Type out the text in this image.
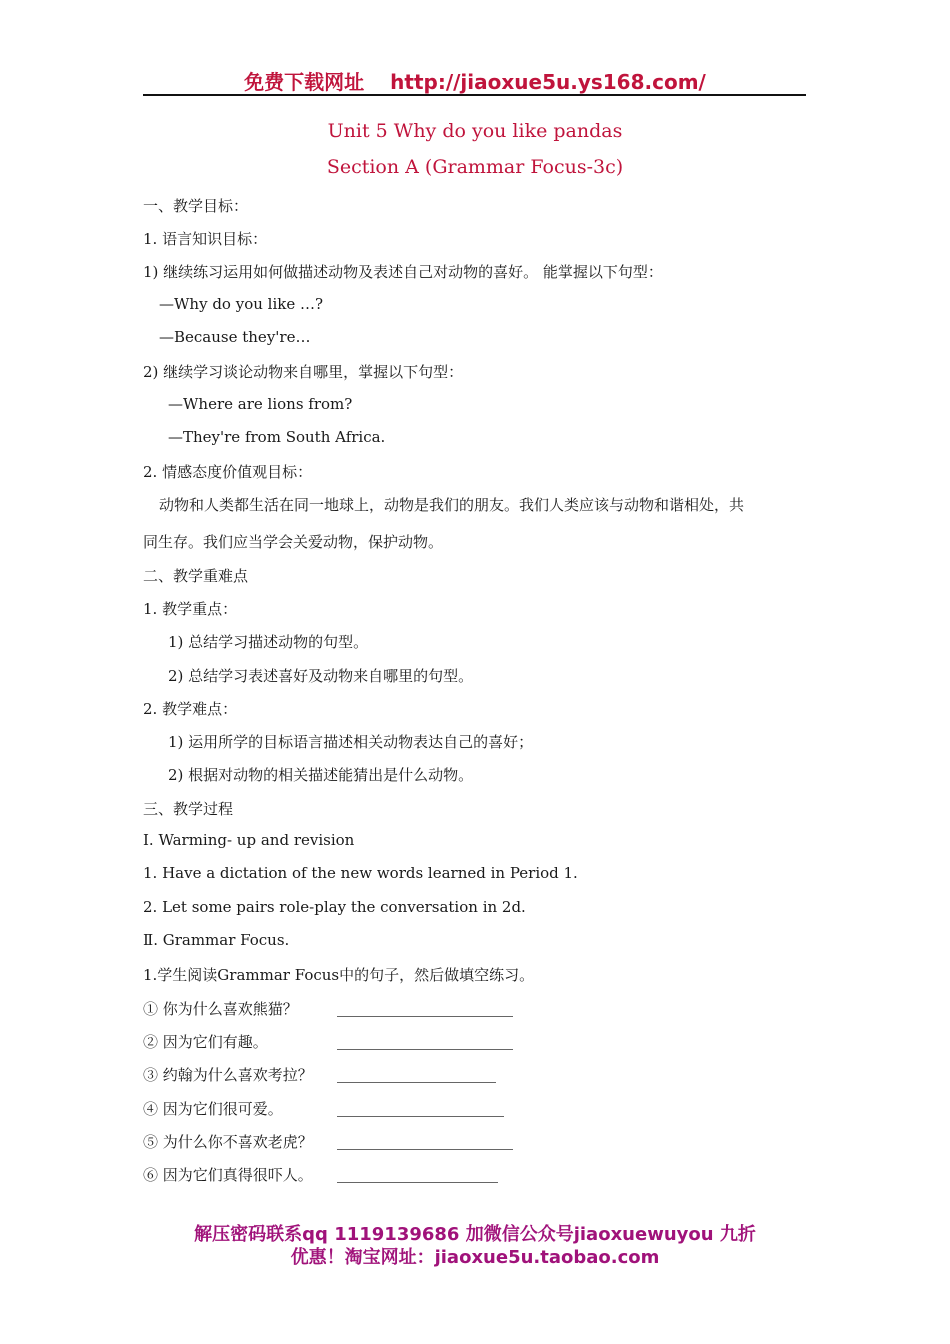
免费下载网址 http://jiaoxue5u.ys168.com/
Unit 5 Why do you like pandas
Section A (Grammar Focus-3c)
一、教学目标：
1. 语言知识目标：
1) 继续练习运用如何做描述动物及表述自己对动物的喜好。 能掌握以下句型：
—Why do you like …?
—Because they're…
2) 继续学习谈论动物来自哪里，掌握以下句型：
—Where are lions from?
—They're from South Africa.
2. 情感态度价值观目标：
动物和人类都生活在同一地球上，动物是我们的朋友。我们人类应该与动物和谐相处，共
同生存。我们应当学会关爱动物，保护动物。
二、教学重难点
1. 教学重点：
1) 总结学习描述动物的句型。
2) 总结学习表述喜好及动物来自哪里的句型。
2. 教学难点：
1) 运用所学的目标语言描述相关动物表达自己的喜好；
2) 根据对动物的相关描述能猜出是什么动物。
三、教学过程
Ⅰ. Warming- up and revision
1. Have a dictation of the new words learned in Period 1.
2. Let some pairs role-play the conversation in 2d.
Ⅱ. Grammar Focus.
1.学生阅读Grammar Focus中的句子，然后做填空练习。
① 你为什么喜欢熊猫？
② 因为它们有趣。
③ 约翰为什么喜欢考拉？
④ 因为它们很可爱。
⑤ 为什么你不喜欢老虎？
⑥ 因为它们真得很吓人。
解压密码联系qq 1119139686 加微信公众号jiaoxuewuyou 九折
优惠！淘宝网址：jiaoxue5u.taobao.com
